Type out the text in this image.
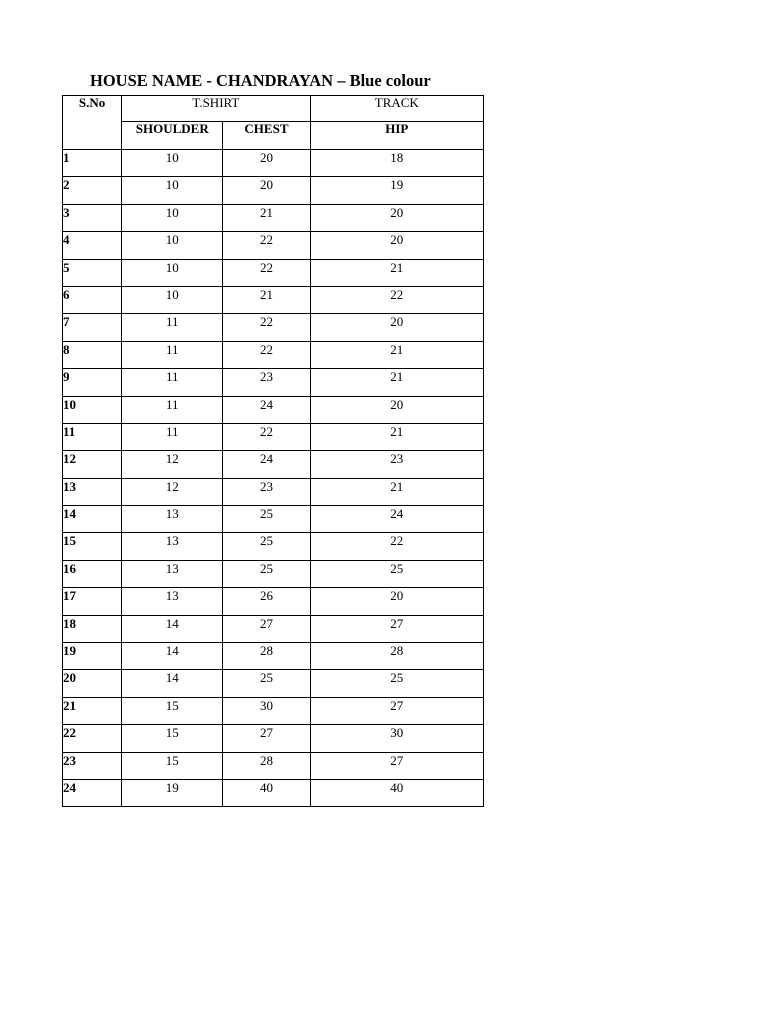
HOUSE NAME - CHANDRAYAN – Blue colour
S.No	T.SHIRT		TRACK
	SHOULDER	CHEST	HIP
1	10	20	18
2	10	20	19
3	10	21	20
4	10	22	20
5	10	22	21
6	10	21	22
7	11	22	20
8	11	22	21
9	11	23	21
10	11	24	20
11	11	22	21
12	12	24	23
13	12	23	21
14	13	25	24
15	13	25	22
16	13	25	25
17	13	26	20
18	14	27	27
19	14	28	28
20	14	25	25
21	15	30	27
22	15	27	30
23	15	28	27
24	19	40	40
